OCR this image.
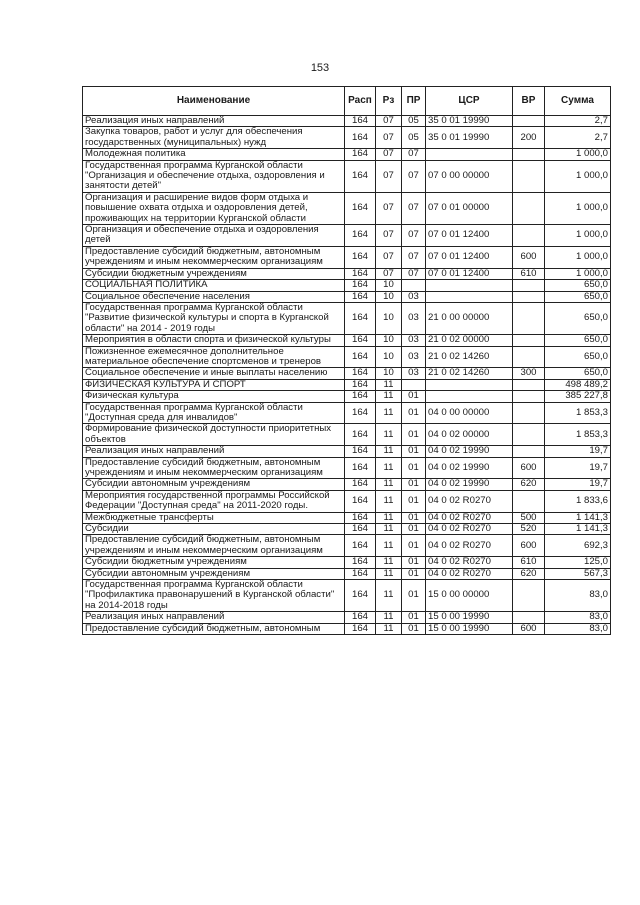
153
Наименование	Расп	Рз	ПР	ЦСР	ВР	Сумма
Реализация иных направлений	164	07	05	35 0 01 19990		2,7
Закупка товаров, работ и услуг для обеспечения государственных (муниципальных) нужд	164	07	05	35 0 01 19990	200	2,7
Молодежная политика	164	07	07			1 000,0
Государственная программа Курганской области "Организация и обеспечение отдыха, оздоровления и занятости детей"	164	07	07	07 0 00 00000		1 000,0
Организация и расширение видов форм отдыха и повышение охвата отдыха и оздоровления детей, проживающих на территории Курганской области	164	07	07	07 0 01 00000		1 000,0
Организация и обеспечение отдыха и оздоровления детей	164	07	07	07 0 01 12400		1 000,0
Предоставление субсидий бюджетным, автономным учреждениям и иным некоммерческим организациям	164	07	07	07 0 01 12400	600	1 000,0
Субсидии бюджетным учреждениям	164	07	07	07 0 01 12400	610	1 000,0
СОЦИАЛЬНАЯ ПОЛИТИКА	164	10				650,0
Социальное обеспечение населения	164	10	03			650,0
Государственная программа Курганской области "Развитие физической культуры и спорта в Курганской области" на 2014 - 2019 годы	164	10	03	21 0 00 00000		650,0
Мероприятия в области спорта и физической культуры	164	10	03	21 0 02 00000		650,0
Пожизненное ежемесячное дополнительное материальное обеспечение спортсменов и тренеров	164	10	03	21 0 02 14260		650,0
Социальное обеспечение и иные выплаты населению	164	10	03	21 0 02 14260	300	650,0
ФИЗИЧЕСКАЯ КУЛЬТУРА И СПОРТ	164	11				498 489,2
Физическая культура	164	11	01			385 227,8
Государственная программа Курганской области "Доступная среда для инвалидов"	164	11	01	04 0 00 00000		1 853,3
Формирование физической доступности приоритетных объектов	164	11	01	04 0 02 00000		1 853,3
Реализация иных направлений	164	11	01	04 0 02 19990		19,7
Предоставление субсидий бюджетным, автономным учреждениям и иным некоммерческим организациям	164	11	01	04 0 02 19990	600	19,7
Субсидии автономным учреждениям	164	11	01	04 0 02 19990	620	19,7
Мероприятия государственной программы Российской Федерации "Доступная среда" на 2011-2020 годы.	164	11	01	04 0 02 R0270		1 833,6
Межбюджетные трансферты	164	11	01	04 0 02 R0270	500	1 141,3
Субсидии	164	11	01	04 0 02 R0270	520	1 141,3
Предоставление субсидий бюджетным, автономным учреждениям и иным некоммерческим организациям	164	11	01	04 0 02 R0270	600	692,3
Субсидии бюджетным учреждениям	164	11	01	04 0 02 R0270	610	125,0
Субсидии автономным учреждениям	164	11	01	04 0 02 R0270	620	567,3
Государственная программа Курганской области "Профилактика правонарушений в Курганской области" на 2014-2018 годы	164	11	01	15 0 00 00000		83,0
Реализация иных направлений	164	11	01	15 0 00 19990		83,0
Предоставление субсидий бюджетным, автономным	164	11	01	15 0 00 19990	600	83,0
